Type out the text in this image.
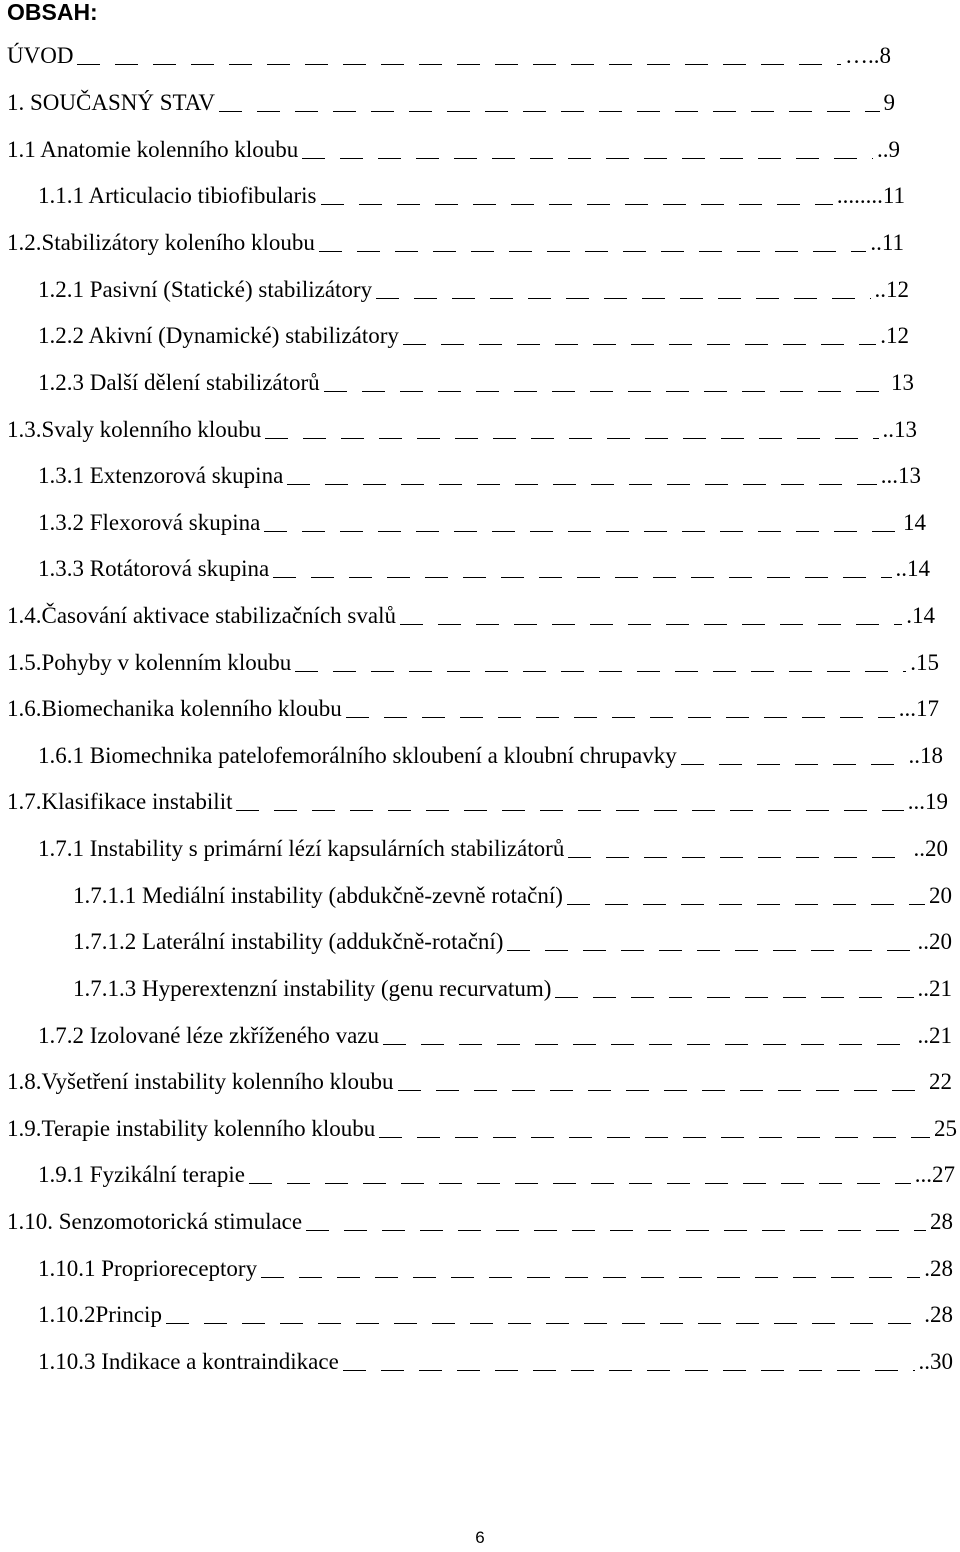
OBSAH:
ÚVOD	…..8
1. SOUČASNÝ STAV	9
1.1 Anatomie kolenního kloubu	..9
1.1.1 Articulacio tibiofibularis	........11
1.2.Stabilizátory koleního kloubu	..11
1.2.1 Pasivní (Statické) stabilizátory	..12
1.2.2 Akivní (Dynamické) stabilizátory	.12
1.2.3 Další dělení stabilizátorů	13
1.3.Svaly kolenního kloubu	..13
1.3.1 Extenzorová skupina	...13
1.3.2 Flexorová skupina	14
1.3.3 Rotátorová skupina	..14
1.4.Časování aktivace stabilizačních svalů	.14
1.5.Pohyby v kolenním kloubu	.15
1.6.Biomechanika kolenního kloubu	...17
1.6.1 Biomechnika patelofemorálního skloubení a kloubní chrupavky	..18
1.7.Klasifikace instabilit	...19
1.7.1 Instability s primární lézí kapsulárních stabilizátorů	..20
1.7.1.1 Mediální instability (abdukčně-zevně rotační)	20
1.7.1.2 Laterální instability (addukčně-rotační)	..20
1.7.1.3 Hyperextenzní instability (genu recurvatum)	..21
1.7.2 Izolované léze zkříženého vazu	..21
1.8.Vyšetření instability kolenního kloubu	22
1.9.Terapie instability kolenního kloubu	25
1.9.1 Fyzikální terapie	...27
1.10. Senzomotorická stimulace	28
1.10.1 Proprioreceptory	.28
1.10.2Princip	.28
1.10.3 Indikace a kontraindikace	..30
6
